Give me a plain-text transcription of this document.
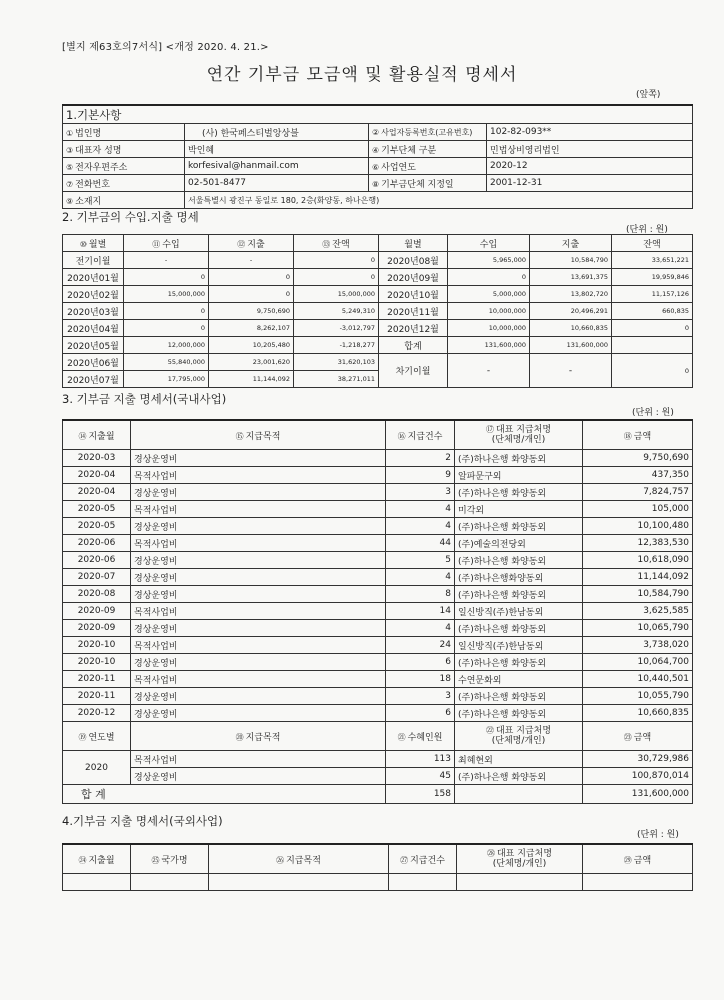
[별지 제63호의7서식] <개정 2020. 4. 21.>
연간 기부금 모금액 및 활용실적 명세서
(앞쪽)
1.기본사항			
① 법인명	(사) 한국페스티벌앙상블	② 사업자등록번호(고유번호)	102-82-093**
③ 대표자 성명	박인혜	④ 기부단체 구분	민법상비영리법인
⑤ 전자우편주소	korfesival@hanmail.com	⑥ 사업연도	2020-12
⑦ 전화번호	02-501-8477	⑧ 기부금단체 지정일	2001-12-31
⑨ 소재지	서울특별시 광진구 동일로 180, 2층(화양동, 하나은행)		
2. 기부금의 수입.지출 명세
(단위 : 원)
⑩ 월별	⑪ 수입	⑫ 지출	⑬ 잔액	월별	수입	지출	잔액
전기이월	-	-	0	2020년08월	5,965,000	10,584,790	33,651,221
2020년01월	0	0	0	2020년09월	0	13,691,375	19,959,846
2020년02월	15,000,000	0	15,000,000	2020년10월	5,000,000	13,802,720	11,157,126
2020년03월	0	9,750,690	5,249,310	2020년11월	10,000,000	20,496,291	660,835
2020년04월	0	8,262,107	-3,012,797	2020년12월	10,000,000	10,660,835	0
2020년05월	12,000,000	10,205,480	-1,218,277	합계	131,600,000	131,600,000	
2020년06월	55,840,000	23,001,620	31,620,103	차기이월	-	-	0
2020년07월	17,795,000	11,144,092	38,271,011				
3. 기부금 지출 명세서(국내사업)
(단위 : 원)
⑭ 지출월	⑮ 지급목적	⑯ 지급건수	⑰ 대표 지급처명
(단체명/개인)	⑱ 금액
2020-03	경상운영비	2	(주)하나은행 화양동외	9,750,690
2020-04	목적사업비	9	알파문구외	437,350
2020-04	경상운영비	3	(주)하나은행 화양동외	7,824,757
2020-05	목적사업비	4	미각외	105,000
2020-05	경상운영비	4	(주)하나은행 화양동외	10,100,480
2020-06	목적사업비	44	(주)예술의전당외	12,383,530
2020-06	경상운영비	5	(주)하나은행 화양동외	10,618,090
2020-07	경상운영비	4	(주)하나은행화양동외	11,144,092
2020-08	경상운영비	8	(주)하나은행 화양동외	10,584,790
2020-09	목적사업비	14	일신방직(주)한남동외	3,625,585
2020-09	경상운영비	4	(주)하나은행 화양동외	10,065,790
2020-10	목적사업비	24	일신방직(주)한남동외	3,738,020
2020-10	경상운영비	6	(주)하나은행 화양동외	10,064,700
2020-11	목적사업비	18	수연문화외	10,440,501
2020-11	경상운영비	3	(주)하나은행 화양동외	10,055,790
2020-12	경상운영비	6	(주)하나은행 화양동외	10,660,835
⑲ 연도별	⑳ 지급목적	㉑ 수혜인원	㉒ 대표 지급처명
(단체명/개인)	㉓ 금액
2020	목적사업비	113	최혜현외	30,729,986
	경상운영비	45	(주)하나은행 화양동외	100,870,014
합 계		158		131,600,000
4.기부금 지출 명세서(국외사업)
(단위 : 원)
㉔ 지출월	㉕ 국가명	㉖ 지급목적	㉗ 지급건수	㉘ 대표 지급처명
(단체명/개인)	㉙ 금액
